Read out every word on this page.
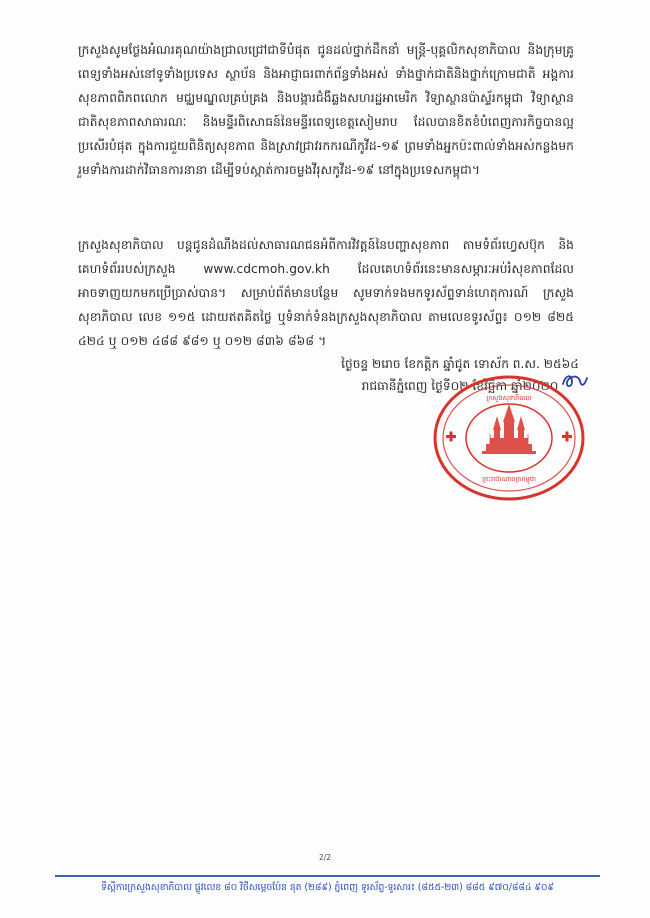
ក្រសួងសូមថ្លែងអំណរគុណយ៉ាងជ្រាលជ្រៅជាទីបំផុត ជូនដល់ថ្នាក់ដឹកនាំ មន្ត្រី-បុគ្គលិកសុខាភិបាល និងក្រុមគ្រូពេទ្យទាំងអស់នៅទូទាំងប្រទេស ស្ថាប័ន និងអាជ្ញាធរពាក់ព័ន្ធទាំងអស់ ទាំងថ្នាក់ជាតិនិងថ្នាក់ក្រោមជាតិ អង្គការសុខភាពពិភពលោក មជ្ឈមណ្ឌលគ្រប់គ្រង និងបង្ការជំងឺឆ្លងសហរដ្ឋអាមេរិក វិទ្យាស្ថានប៉ាស្ទ័រកម្ពុជា វិទ្យាស្ថានជាតិសុខភាពសាធារណៈ និងមន្ទីរពិសោធន៍នៃមន្ទីរពេទ្យខេត្តសៀមរាប ដែលបានខិតខំបំពេញភារកិច្ចបានល្អប្រសើរបំផុត ក្នុងការជួយពិនិត្យសុខភាព និងស្រាវជ្រាវរកករណីកូវីដ-១៩ ព្រមទាំងអ្នកប៉ះពាល់ទាំងអស់កន្លងមក រួមទាំងការដាក់វិធានការនានា ដើម្បីទប់ស្កាត់ការចម្លងវីរុសកូវីដ-១៩ នៅក្នុងប្រទេសកម្ពុជា។

ក្រសួងសុខាភិបាល បន្តជូនដំណឹងដល់សាធារណជនអំពីការវិវត្តន៍នៃបញ្ហាសុខភាព តាមទំព័រហ្វេសប៊ុក និងគេហទំព័ររបស់ក្រសួង www.cdcmoh.gov.kh ដែលគេហទំព័រនេះមានសម្ភារៈអប់រំសុខភាពដែលអាចទាញយកមកប្រើប្រាស់បាន។ សម្រាប់ព័ត៌មានបន្ថែម សូមទាក់ទងមកទូរស័ព្ទទាន់ហេតុការណ៍ ក្រសួងសុខាភិបាល លេខ ១១៥ ដោយឥតគិតថ្លៃ ឬទំនាក់ទំនងក្រសួងសុខាភិបាល តាមលេខទូរស័ព្ទ៖ ០១២ ៨២៥ ៤២៤ ឬ ០១២ ៤៨៨ ៩៨១ ឬ ០១២ ៨៣៦ ៨៦៨ ។

ថ្ងៃចន្ទ ២រោច ខែកត្តិក ឆ្នាំជូត ទោស័ក ព.ស. ២៥៦៤
រាជធានីភ្នំពេញ ថ្ងៃទី០២ ខែវិច្ឆិកា ឆ្នាំ២០២០
ក្រសួងសុខាភិបាល
ព្រះរាជាណាចក្រកម្ពុជា
2/2
ទីស្តីការក្រសួងសុខាភិបាល ផ្លូវលេខ ៨០ វិថីសម្តេចប៉ែន នុត (២៨៩) ភ្នំពេញ ទូរស័ព្ទ-ទូរសារ៖ (៨៥៥-២៣) ៨៨៥ ៩៧០/៨៨៤ ៩០៩
